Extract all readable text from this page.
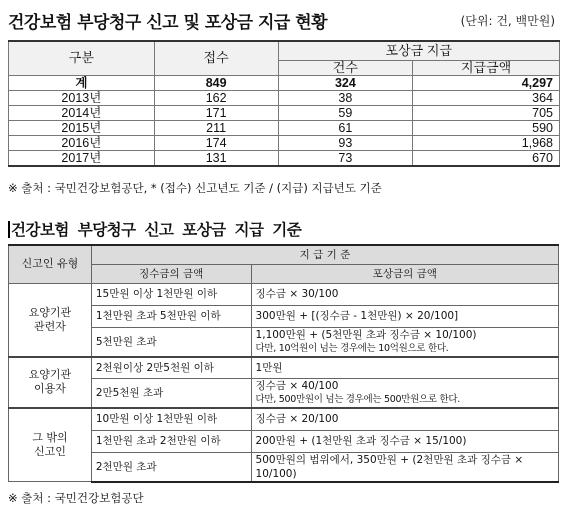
건강보험 부당청구 신고 및 포상금 지급 현황	(단위: 건, 백만원)
구분	접수	포상금 지급	
		건수	지급금액
계	849	324	4,297
2013년	162	38	364
2014년	171	59	705
2015년	211	61	590
2016년	174	93	1,968
2017년	131	73	670
※ 출처 : 국민건강보험공단, * (접수) 신고년도 기준 / (지급) 지급년도 기준
건강보험 부당청구 신고 포상금 지급 기준
신고인 유형	지 급 기 준	
	징수금의 금액	포상금의 금액
요양기관
관련자	15만원 이상 1천만원 이하	징수금 × 30/100
	1천만원 초과 5천만원 이하	300만원 + [(징수금 - 1천만원) × 20/100]
	5천만원 초과	1,100만원 + (5천만원 초과 징수금 × 10/100)
다만, 10억원이 넘는 경우에는 10억원으로 한다.

요양기관
이용자	2천원이상 2만5천원 이하	1만원
	2만5천원 초과	징수금 × 40/100
다만, 500만원이 넘는 경우에는 500만원으로 한다.

그 밖의
신고인	10만원 이상 1천만원 이하	징수금 × 20/100
	1천만원 초과 2천만원 이하	200만원 + (1천만원 초과 징수금 × 15/100)
	2천만원 초과	500만원의 범위에서, 350만원 + (2천만원 초과 징수금 × 10/100)
※ 출처 : 국민건강보험공단
